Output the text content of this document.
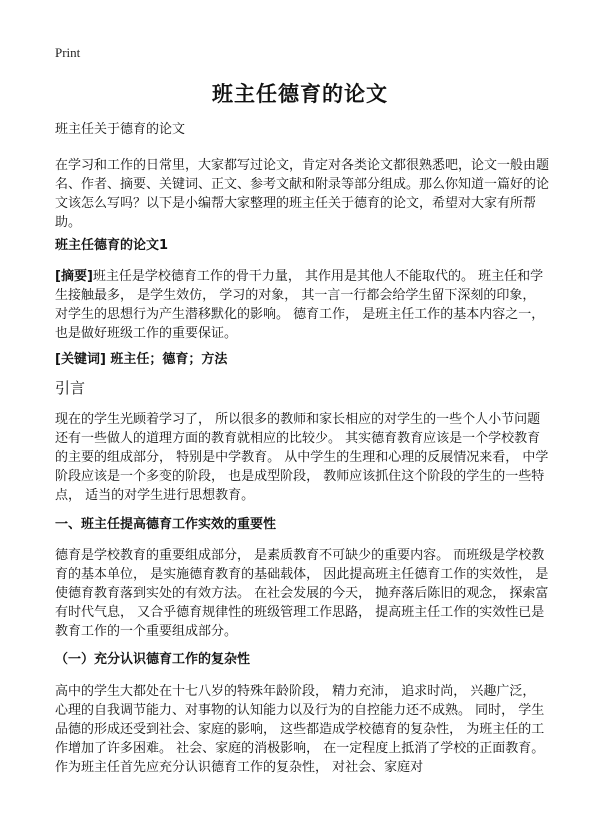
Print
班主任德育的论文
班主任关于德育的论文
在学习和工作的日常里，大家都写过论文，肯定对各类论文都很熟悉吧，论文一般由题名、作者、摘要、关键词、正文、参考文献和附录等部分组成。那么你知道一篇好的论文该怎么写吗？以下是小编帮大家整理的班主任关于德育的论文，希望对大家有所帮助。
班主任德育的论文1
[摘要]班主任是学校德育工作的骨干力量， 其作用是其他人不能取代的。 班主任和学生接触最多， 是学生效仿， 学习的对象， 其一言一行都会给学生留下深刻的印象， 对学生的思想行为产生潜移默化的影响。 德育工作， 是班主任工作的基本内容之一， 也是做好班级工作的重要保证。
[关键词] 班主任；德育；方法
引言
现在的学生光顾着学习了， 所以很多的教师和家长相应的对学生的一些个人小节问题还有一些做人的道理方面的教育就相应的比较少。 其实德育教育应该是一个学校教育的主要的组成部分， 特别是中学教育。 从中学生的生理和心理的反展情况来看， 中学阶段应该是一个多变的阶段， 也是成型阶段， 教师应该抓住这个阶段的学生的一些特点， 适当的对学生进行思想教育。
一、班主任提高德育工作实效的重要性
德育是学校教育的重要组成部分， 是素质教育不可缺少的重要内容。 而班级是学校教育的基本单位， 是实施德育教育的基础载体， 因此提高班主任德育工作的实效性， 是使德育教育落到实处的有效方法。 在社会发展的今天， 抛弃落后陈旧的观念， 探索富有时代气息， 又合乎德育规律性的班级管理工作思路， 提高班主任工作的实效性已是教育工作的一个重要组成部分。
（一）充分认识德育工作的复杂性
高中的学生大都处在十七八岁的特殊年龄阶段， 精力充沛， 追求时尚， 兴趣广泛， 心理的自我调节能力、对事物的认知能力以及行为的自控能力还不成熟。 同时， 学生品德的形成还受到社会、家庭的影响， 这些都造成学校德育的复杂性， 为班主任的工作增加了许多困难。 社会、家庭的消极影响， 在一定程度上抵消了学校的正面教育。 作为班主任首先应充分认识德育工作的复杂性， 对社会、家庭对
